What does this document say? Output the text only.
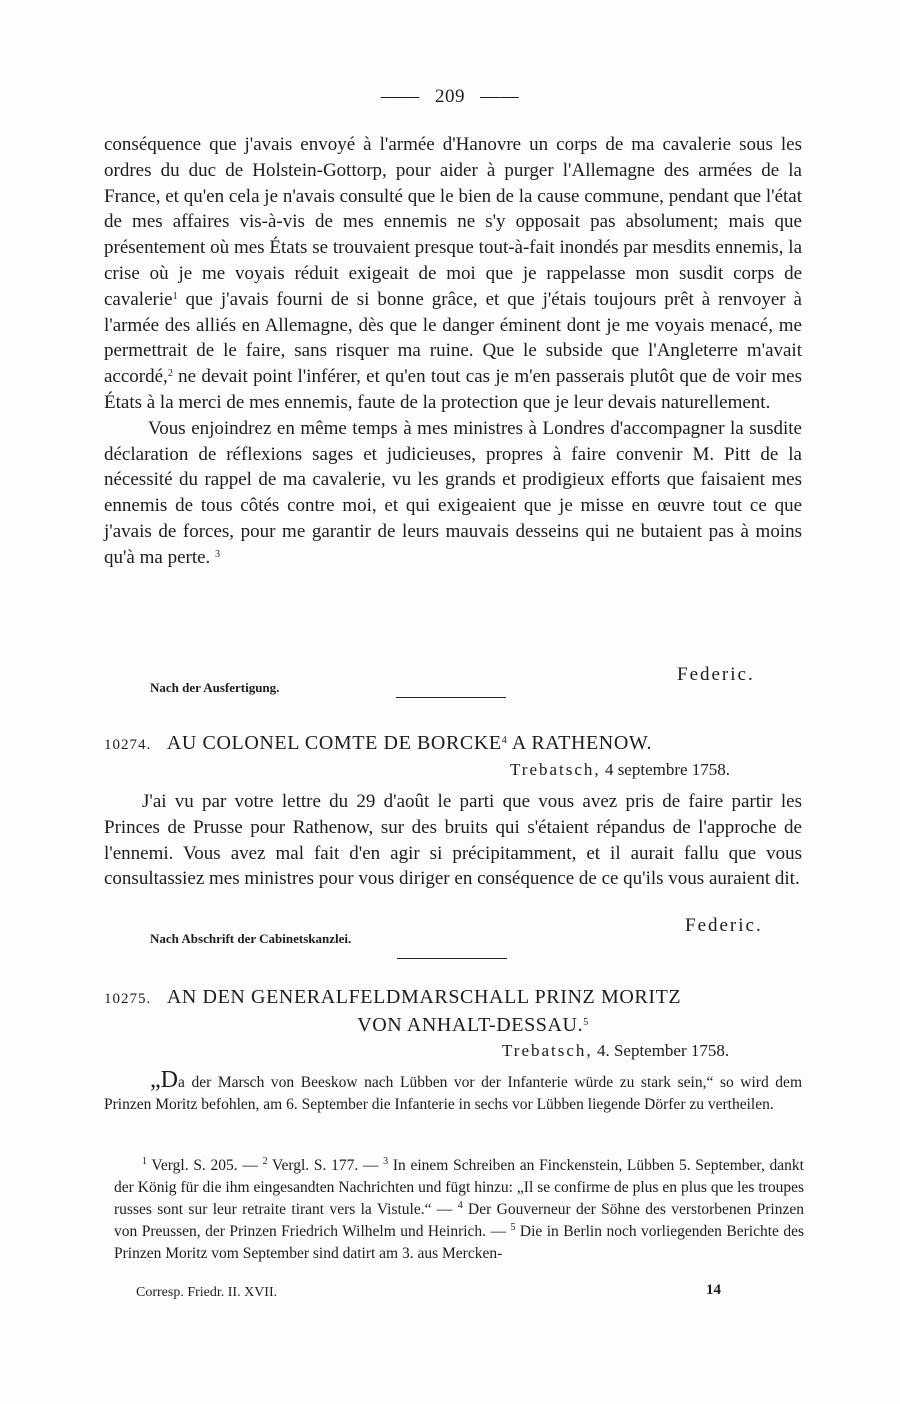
—— 209 ——

conséquence que j'avais envoyé à l'armée d'Hanovre un corps de ma cavalerie sous les ordres du duc de Holstein-Gottorp, pour aider à purger l'Allemagne des armées de la France, et qu'en cela je n'avais consulté que le bien de la cause commune, pendant que l'état de mes affaires vis-à-vis de mes ennemis ne s'y opposait pas absolument; mais que présentement où mes États se trouvaient presque tout-à-fait inondés par mesdits ennemis, la crise où je me voyais réduit exigeait de moi que je rappelasse mon susdit corps de cavalerie$^1$ que j'avais fourni de si bonne grâce, et que j'étais toujours prêt à renvoyer à l'armée des alliés en Allemagne, dès que le danger éminent dont je me voyais menacé, me permettrait de le faire, sans risquer ma ruine. Que le subside que l'Angleterre m'avait accordé,$^2$ ne devait point l'inférer, et qu'en tout cas je m'en passerais plutôt que de voir mes États à la merci de mes ennemis, faute de la protection que je leur devais naturellement.

Vous enjoindrez en même temps à mes ministres à Londres d'accompagner la susdite déclaration de réflexions sages et judicieuses, propres à faire convenir M. Pitt de la nécessité du rappel de ma cavalerie, vu les grands et prodigieux efforts que faisaient mes ennemis de tous côtés contre moi, et qui exigeaient que je misse en œuvre tout ce que j'avais de forces, pour me garantir de leurs mauvais desseins qui ne butaient pas à moins qu'à ma perte. $^3$

Federic.
Nach der Ausfertigung.
10274. AU COLONEL COMTE DE BORCKE$^4$ A RATHENOW.
Trebatsch, 4 septembre 1758.
J'ai vu par votre lettre du 29 d'août le parti que vous avez pris de faire partir les Princes de Prusse pour Rathenow, sur des bruits qui s'étaient répandus de l'approche de l'ennemi. Vous avez mal fait d'en agir si précipitamment, et il aurait fallu que vous consultassiez mes ministres pour vous diriger en conséquence de ce qu'ils vous auraient dit.
Federic.
Nach Abschrift der Cabinetskanzlei.
10275. AN DEN GENERALFELDMARSCHALL PRINZ MORITZ
VON ANHALT-DESSAU.$^5$
Trebatsch, 4. September 1758.
„Da der Marsch von Beeskow nach Lübben vor der Infanterie würde zu stark sein,“ so wird dem Prinzen Moritz befohlen, am 6. September die Infanterie in sechs vor Lübben liegende Dörfer zu vertheilen.
$^1$ Vergl. S. 205. — $^2$ Vergl. S. 177. — $^3$ In einem Schreiben an Finckenstein, Lübben 5. September, dankt der König für die ihm eingesandten Nachrichten und fügt hinzu: „Il se confirme de plus en plus que les troupes russes sont sur leur retraite tirant vers la Vistule.“ — $^4$ Der Gouverneur der Söhne des verstorbenen Prinzen von Preussen, der Prinzen Friedrich Wilhelm und Heinrich. — $^5$ Die in Berlin noch vorliegenden Berichte des Prinzen Moritz vom September sind datirt am 3. aus Mercken-
Corresp. Friedr. II. XVII.	14
